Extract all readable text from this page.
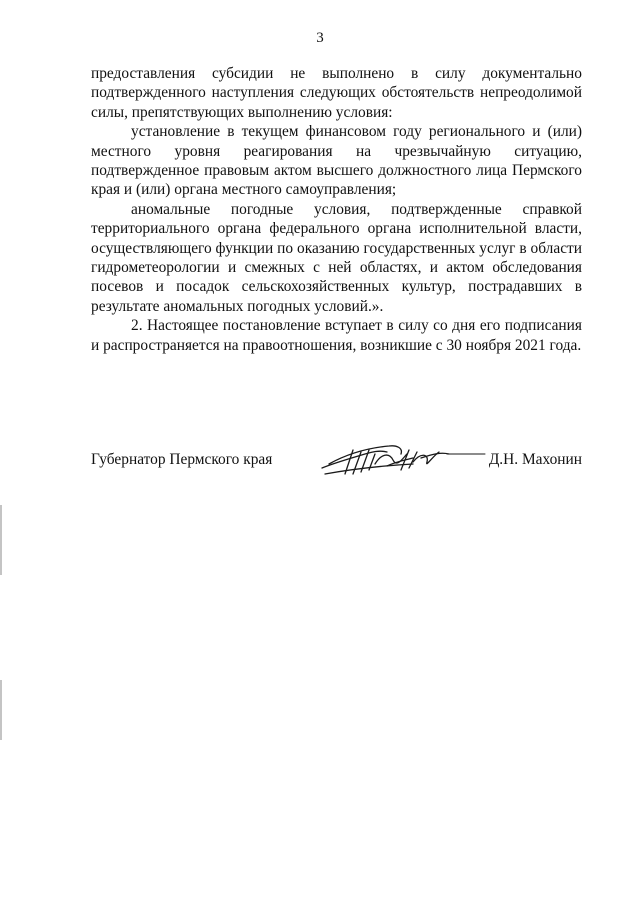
3

предоставления субсидии не выполнено в силу документально подтвержденного наступления следующих обстоятельств непреодолимой силы, препятствующих выполнению условия:

установление в текущем финансовом году регионального и (или) местного уровня реагирования на чрезвычайную ситуацию, подтвержденное правовым актом высшего должностного лица Пермского края и (или) органа местного самоуправления;

аномальные погодные условия, подтвержденные справкой территориального органа федерального органа исполнительной власти, осуществляющего функции по оказанию государственных услуг в области гидрометеорологии и смежных с ней областях, и актом обследования посевов и посадок сельскохозяйственных культур, пострадавших в результате аномальных погодных условий.».

2. Настоящее постановление вступает в силу со дня его подписания и распространяется на правоотношения, возникшие с 30 ноября 2021 года.

Губернатор Пермского края	Д.Н. Махонин
